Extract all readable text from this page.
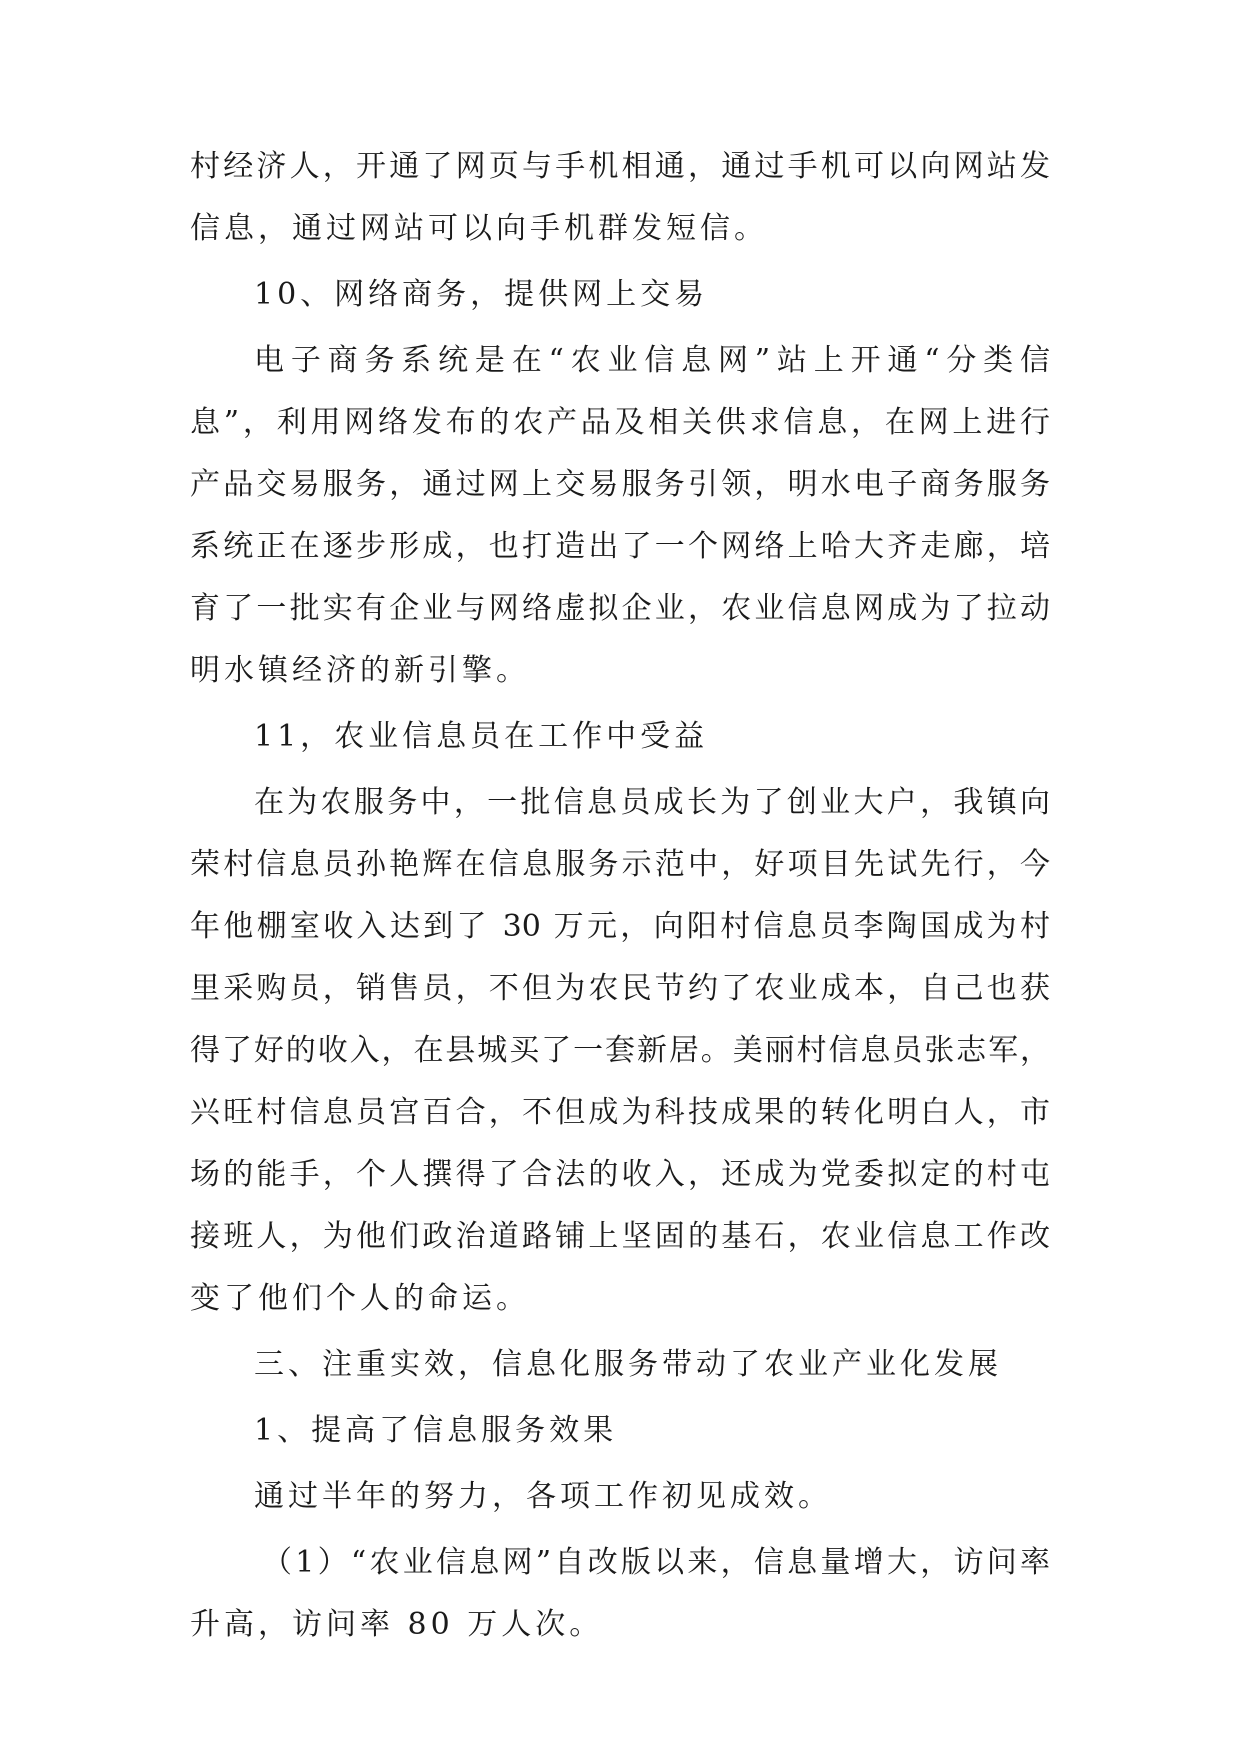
村经济人，开通了网页与手机相通，通过手机可以向网站发
信息，通过网站可以向手机群发短信。
10、网络商务，提供网上交易
电子商务系统是在“农业信息网”站上开通“分类信
息”，利用网络发布的农产品及相关供求信息，在网上进行
产品交易服务，通过网上交易服务引领，明水电子商务服务
系统正在逐步形成，也打造出了一个网络上哈大齐走廊，培
育了一批实有企业与网络虚拟企业，农业信息网成为了拉动
明水镇经济的新引擎。
11，农业信息员在工作中受益
在为农服务中，一批信息员成长为了创业大户，我镇向
荣村信息员孙艳辉在信息服务示范中，好项目先试先行，今
年他棚室收入达到了 30 万元，向阳村信息员李陶国成为村
里采购员，销售员，不但为农民节约了农业成本，自己也获
得了好的收入，在县城买了一套新居。美丽村信息员张志军，
兴旺村信息员宫百合，不但成为科技成果的转化明白人，市
场的能手，个人撰得了合法的收入，还成为党委拟定的村屯
接班人，为他们政治道路铺上坚固的基石，农业信息工作改
变了他们个人的命运。
三、注重实效，信息化服务带动了农业产业化发展
1、提高了信息服务效果
通过半年的努力，各项工作初见成效。
（1）“农业信息网”自改版以来，信息量增大，访问率
升高，访问率 80 万人次。
